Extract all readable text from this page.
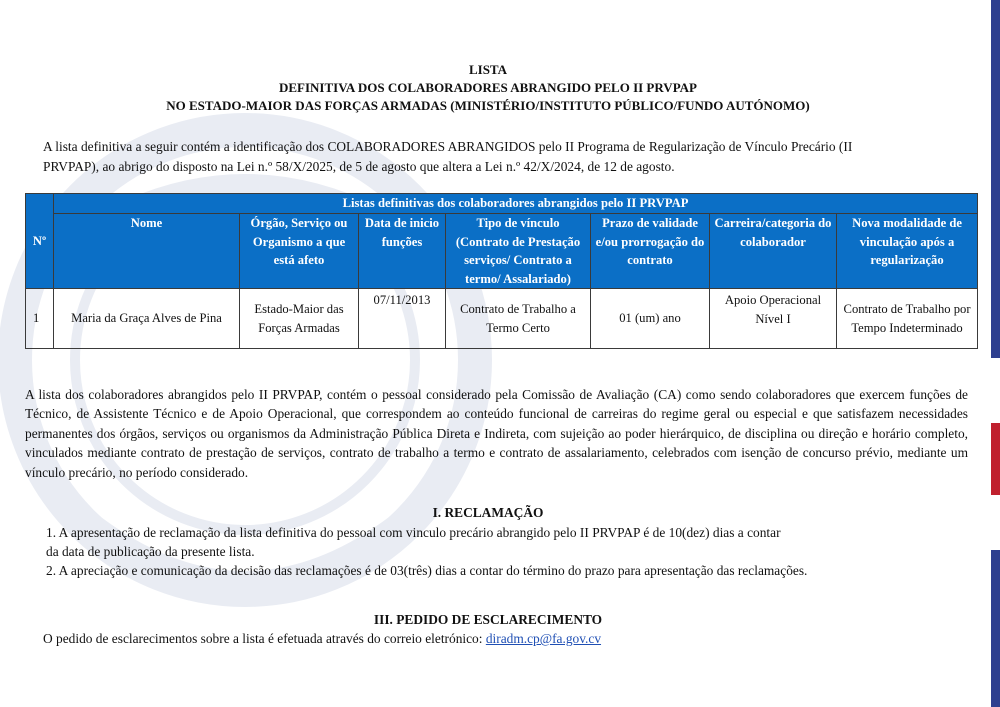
LISTA
DEFINITIVA DOS COLABORADORES ABRANGIDO PELO II PRVPAP
NO ESTADO-MAIOR DAS FORÇAS ARMADAS (MINISTÉRIO/INSTITUTO PÚBLICO/FUNDO AUTÓNOMO)
A lista definitiva a seguir contém a identificação dos COLABORADORES ABRANGIDOS pelo II Programa de Regularização de Vínculo Precário (II
PRVPAP), ao abrigo do disposto na Lei n.º 58/X/2025, de 5 de agosto que altera a Lei n.º 42/X/2024, de 12 de agosto.
Nº	Listas definitivas dos colaboradores abrangidos pelo II PRVPAP						
	Nome	Órgão, Serviço ou Organismo a que está afeto	Data de inicio funções	Tipo de vínculo (Contrato de Prestação serviços/ Contrato a termo/ Assalariado)	Prazo de validade e/ou prorrogação do contrato	Carreira/categoria do colaborador	Nova modalidade de vinculação após a regularização
1	Maria da Graça Alves de Pina	Estado-Maior das Forças Armadas	07/11/2013	Contrato de Trabalho a Termo Certo	01 (um) ano	Apoio Operacional Nível I	Contrato de Trabalho por Tempo Indeterminado
A lista dos colaboradores abrangidos pelo II PRVPAP, contém o pessoal considerado pela Comissão de Avaliação (CA) como sendo colaboradores que exercem funções de Técnico, de Assistente Técnico e de Apoio Operacional, que correspondem ao conteúdo funcional de carreiras do regime geral ou especial e que satisfazem necessidades permanentes dos órgãos, serviços ou organismos da Administração Pública Direta e Indireta, com sujeição ao poder hierárquico, de disciplina ou direção e horário completo, vinculados mediante contrato de prestação de serviços, contrato de trabalho a termo e contrato de assalariamento, celebrados com isenção de concurso prévio, mediante um vínculo precário, no período considerado.
I. RECLAMAÇÃO
1. A apresentação de reclamação da lista definitiva do pessoal com vinculo precário abrangido pelo II PRVPAP é de 10(dez) dias a contar
da data de publicação da presente lista.
2. A apreciação e comunicação da decisão das reclamações é de 03(três) dias a contar do término do prazo para apresentação das reclamações.
III. PEDIDO DE ESCLARECIMENTO
O pedido de esclarecimentos sobre a lista é efetuada através do correio eletrónico: diradm.cp@fa.gov.cv
